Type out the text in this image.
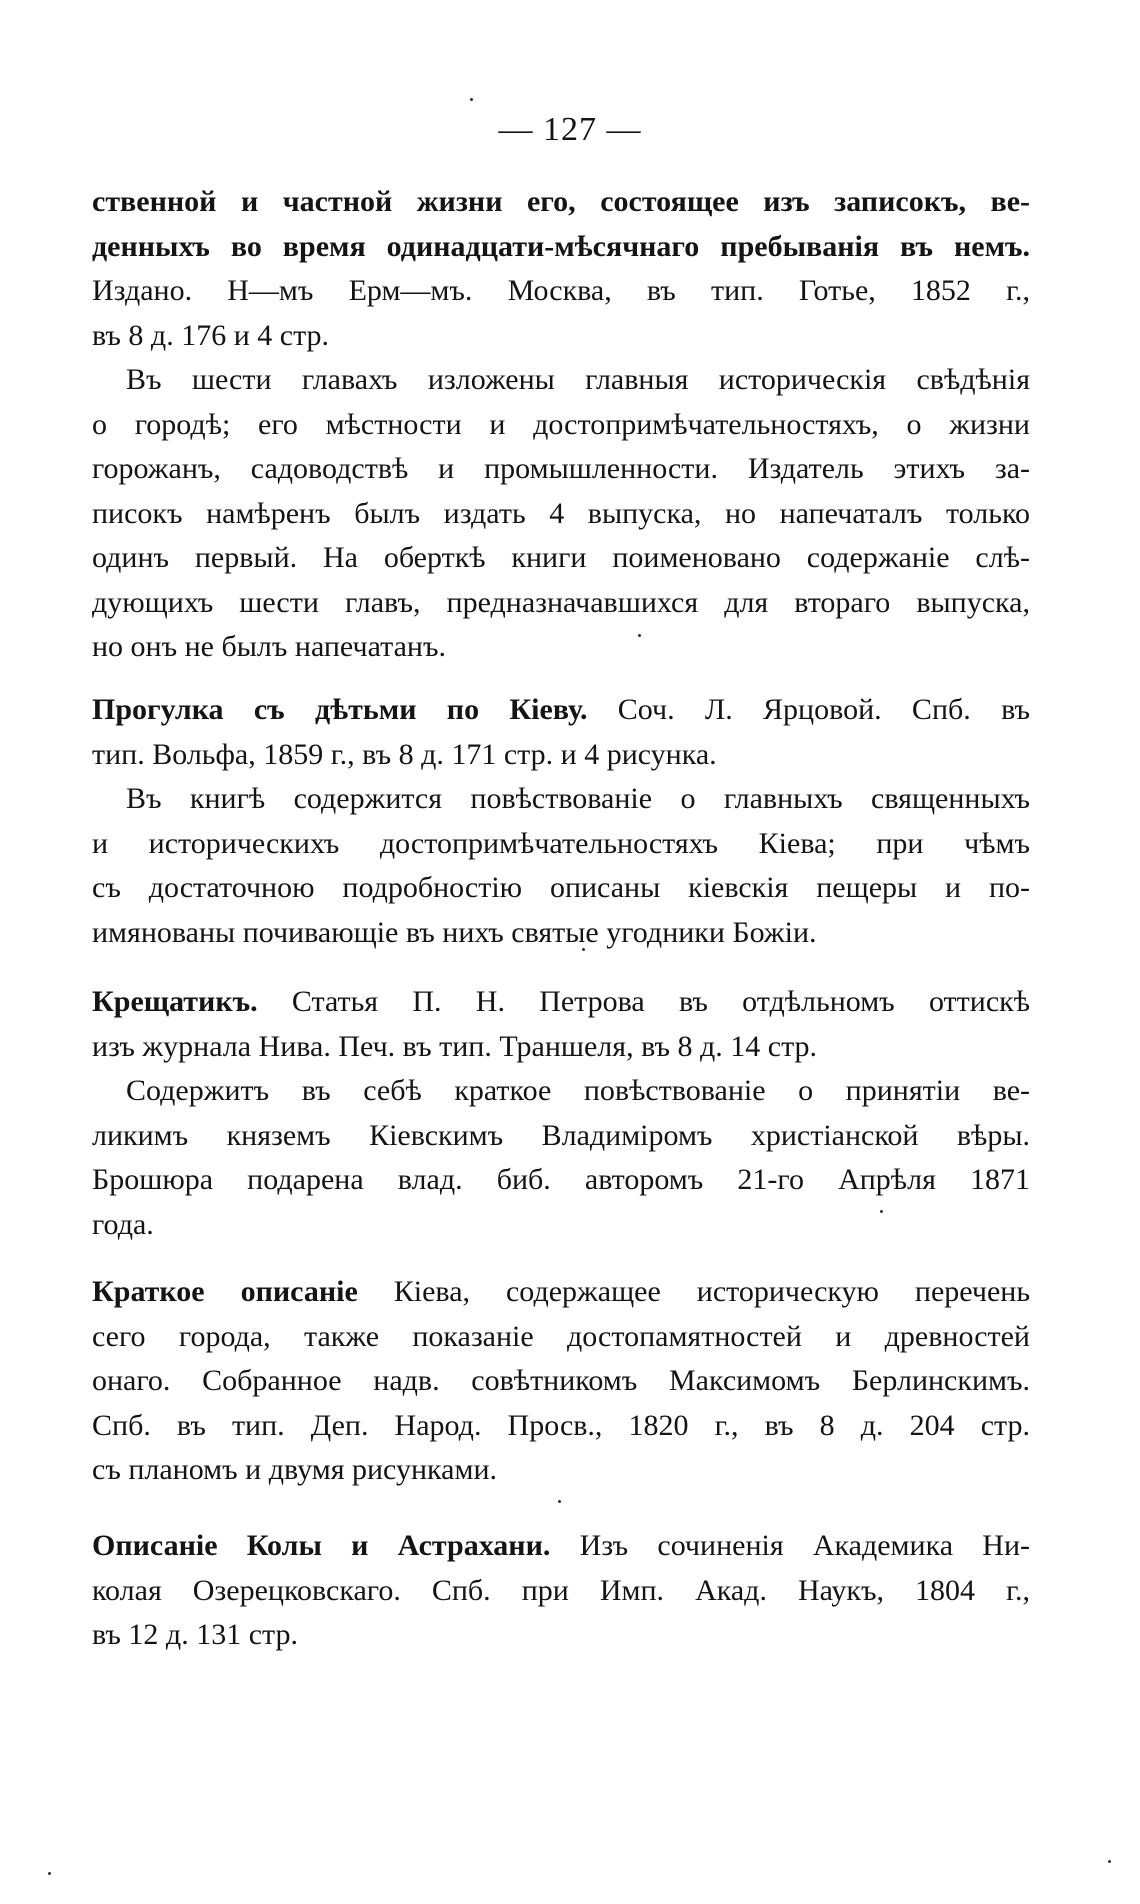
— 127 —
ственной и частной жизни его, состоящее изъ записокъ, ве-
денныхъ во время одинадцати-мѣсячнаго пребыванія въ немъ.
Издано. Н—мъ Ерм—мъ. Москва, въ тип. Готье, 1852 г.,
въ 8 д. 176 и 4 стр.
Въ шести главахъ изложены главныя историческія свѣдѣнія
о городѣ; его мѣстности и достопримѣчательностяхъ, о жизни
горожанъ, садоводствѣ и промышленности. Издатель этихъ за-
писокъ намѣренъ былъ издать 4 выпуска, но напечаталъ только
одинъ первый. На оберткѣ книги поименовано содержаніе слѣ-
дующихъ шести главъ, предназначавшихся для втораго выпуска,
но онъ не былъ напечатанъ.
Прогулка съ дѣтьми по Кіеву. Соч. Л. Ярцовой. Спб. въ
тип. Вольфа, 1859 г., въ 8 д. 171 стр. и 4 рисунка.
Въ книгѣ содержится повѣствованіе о главныхъ священныхъ
и историческихъ достопримѣчательностяхъ Кіева; при чѣмъ
съ достаточною подробностію описаны кіевскія пещеры и по-
имянованы почивающіе въ нихъ святые угодники Божіи.
Крещатикъ. Статья П. Н. Петрова въ отдѣльномъ оттискѣ
изъ журнала Нива. Печ. въ тип. Траншеля, въ 8 д. 14 стр.
Содержитъ въ себѣ краткое повѣствованіе о принятіи ве-
ликимъ княземъ Кіевскимъ Владиміромъ христіанской вѣры.
Брошюра подарена влад. биб. авторомъ 21-го Апрѣля 1871
года.
Краткое описаніе Кіева, содержащее историческую перечень
сего города, также показаніе достопамятностей и древностей
онаго. Собранное надв. совѣтникомъ Максимомъ Берлинскимъ.
Спб. въ тип. Деп. Народ. Просв., 1820 г., въ 8 д. 204 стр.
съ планомъ и двумя рисунками.
Описаніе Колы и Астрахани. Изъ сочиненія Академика Ни-
колая Озерецковскаго. Спб. при Имп. Акад. Наукъ, 1804 г.,
въ 12 д. 131 стр.
